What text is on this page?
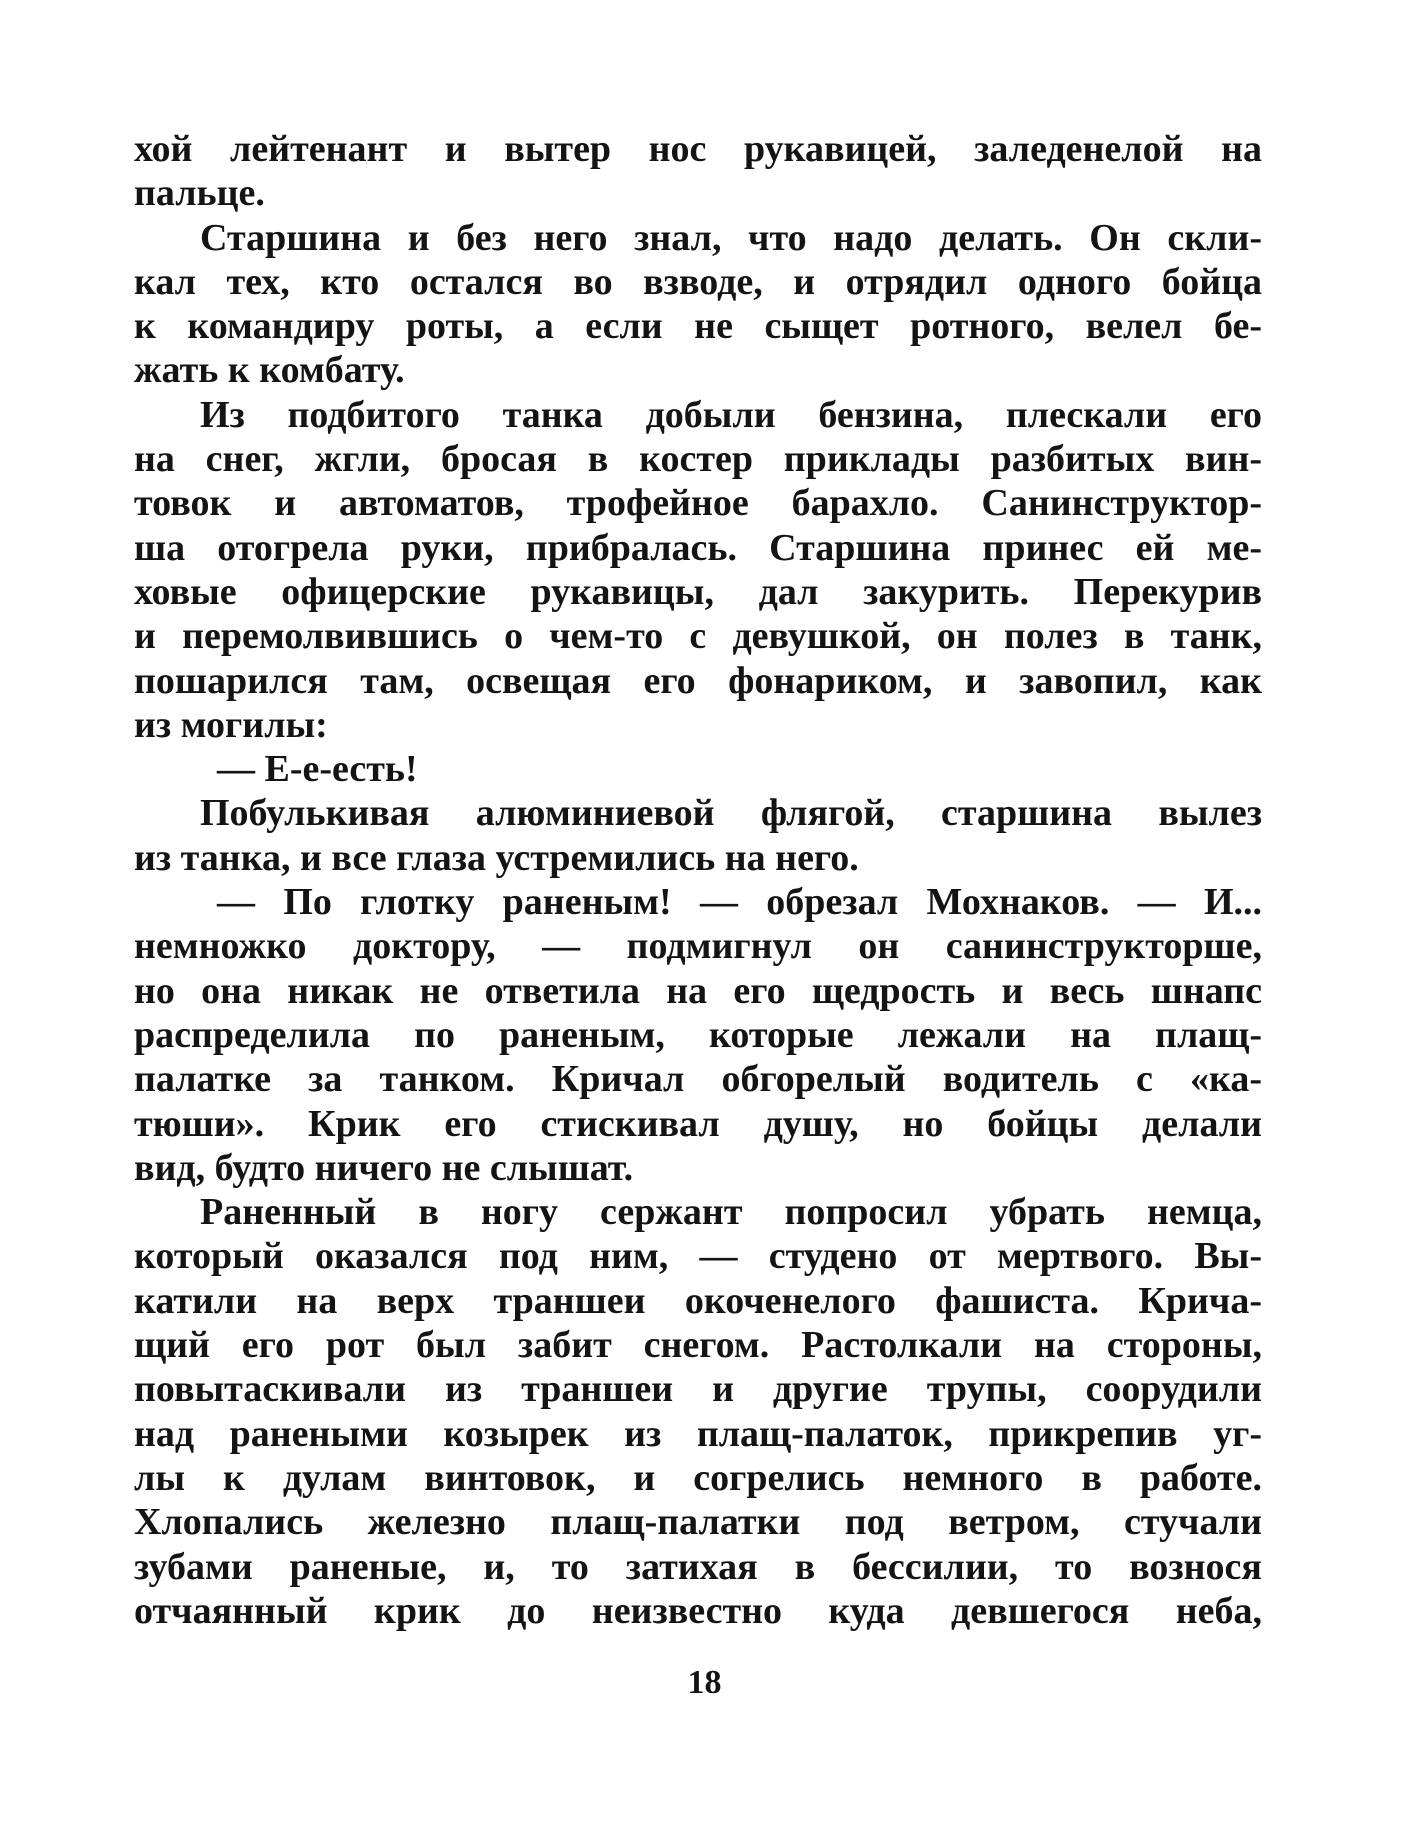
хой лейтенант и вытер нос рукавицей, заледенелой на
пальце.
Старшина и без него знал, что надо делать. Он скли-
кал тех, кто остался во взводе, и отрядил одного бойца
к командиру роты, а если не сыщет ротного, велел бе-
жать к комбату.
Из подбитого танка добыли бензина, плескали его
на снег, жгли, бросая в костер приклады разбитых вин-
товок и автоматов, трофейное барахло. Санинструктор-
ша отогрела руки, прибралась. Старшина принес ей ме-
ховые офицерские рукавицы, дал закурить. Перекурив
и перемолвившись о чем-то с девушкой, он полез в танк,
пошарился там, освещая его фонариком, и завопил, как
из могилы:
— Е-е-есть!
Побулькивая алюминиевой флягой, старшина вылез
из танка, и все глаза устремились на него.
— По глотку раненым! — обрезал Мохнаков. — И...
немножко доктору, — подмигнул он санинструкторше,
но она никак не ответила на его щедрость и весь шнапс
распределила по раненым, которые лежали на плащ-
палатке за танком. Кричал обгорелый водитель с «ка-
тюши». Крик его стискивал душу, но бойцы делали
вид, будто ничего не слышат.
Раненный в ногу сержант попросил убрать немца,
который оказался под ним, — студено от мертвого. Вы-
катили на верх траншеи окоченелого фашиста. Крича-
щий его рот был забит снегом. Растолкали на стороны,
повытаскивали из траншеи и другие трупы, соорудили
над ранеными козырек из плащ-палаток, прикрепив уг-
лы к дулам винтовок, и согрелись немного в работе.
Хлопались железно плащ-палатки под ветром, стучали
зубами раненые, и, то затихая в бессилии, то вознося
отчаянный крик до неизвестно куда девшегося неба,
18
